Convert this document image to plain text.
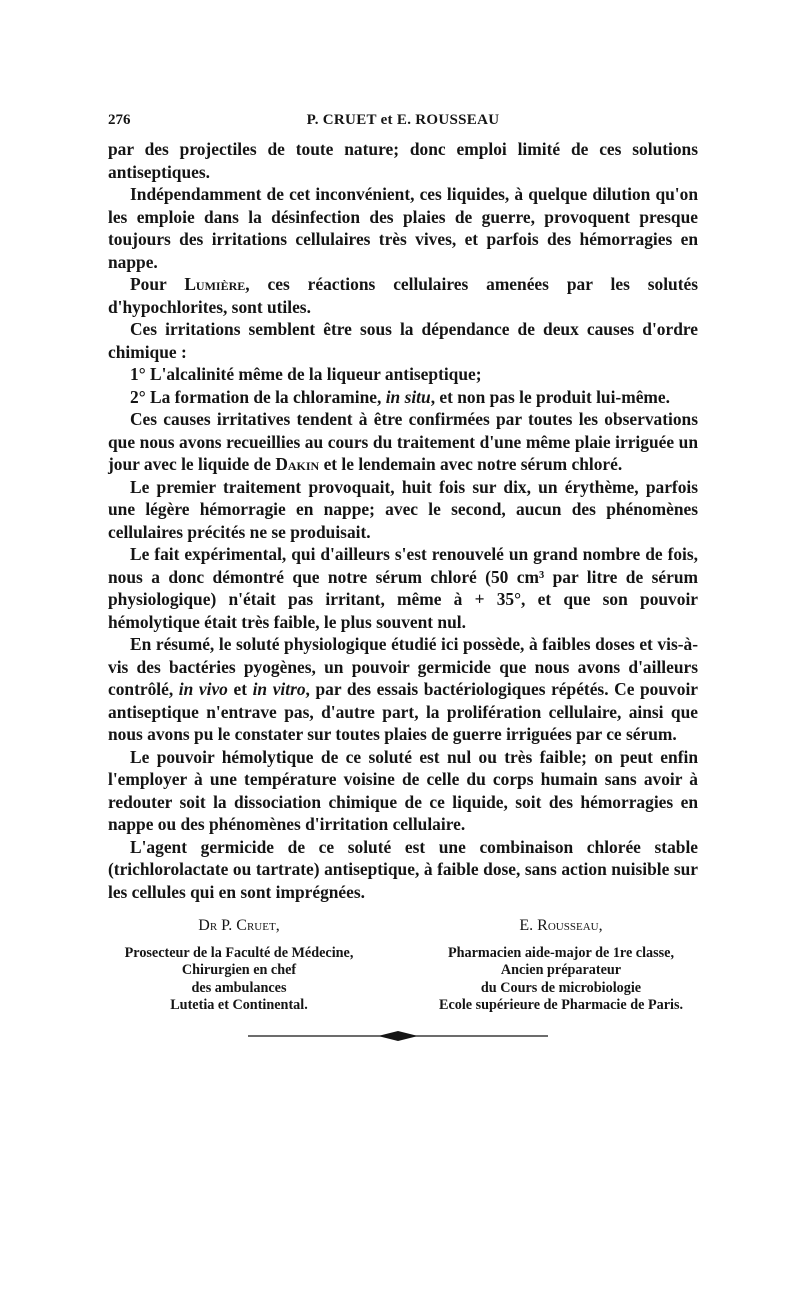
276	P. CRUET et E. ROUSSEAU

par des projectiles de toute nature; donc emploi limité de ces solutions antiseptiques.

Indépendamment de cet inconvénient, ces liquides, à quelque dilution qu'on les emploie dans la désinfection des plaies de guerre, provoquent presque toujours des irritations cellulaires très vives, et parfois des hémorragies en nappe.

Pour Lumière, ces réactions cellulaires amenées par les solutés d'hypochlorites, sont utiles.

Ces irritations semblent être sous la dépendance de deux causes d'ordre chimique :

1° L'alcalinité même de la liqueur antiseptique;

2° La formation de la chloramine, in situ, et non pas le produit lui-même.

Ces causes irritatives tendent à être confirmées par toutes les observations que nous avons recueillies au cours du traitement d'une même plaie irriguée un jour avec le liquide de Dakin et le lendemain avec notre sérum chloré.

Le premier traitement provoquait, huit fois sur dix, un érythème, parfois une légère hémorragie en nappe; avec le second, aucun des phénomènes cellulaires précités ne se produisait.

Le fait expérimental, qui d'ailleurs s'est renouvelé un grand nombre de fois, nous a donc démontré que notre sérum chloré (50 cm³ par litre de sérum physiologique) n'était pas irritant, même à + 35°, et que son pouvoir hémolytique était très faible, le plus souvent nul.

En résumé, le soluté physiologique étudié ici possède, à faibles doses et vis-à-vis des bactéries pyogènes, un pouvoir germicide que nous avons d'ailleurs contrôlé, in vivo et in vitro, par des essais bactériologiques répétés. Ce pouvoir antiseptique n'entrave pas, d'autre part, la prolifération cellulaire, ainsi que nous avons pu le constater sur toutes plaies de guerre irriguées par ce sérum.

Le pouvoir hémolytique de ce soluté est nul ou très faible; on peut enfin l'employer à une température voisine de celle du corps humain sans avoir à redouter soit la dissociation chimique de ce liquide, soit des hémorragies en nappe ou des phénomènes d'irritation cellulaire.

L'agent germicide de ce soluté est une combinaison chlorée stable (trichlorolactate ou tartrate) antiseptique, à faible dose, sans action nuisible sur les cellules qui en sont imprégnées.

Dr P. Cruet,
Prosecteur de la Faculté de Médecine,
Chirurgien en chef
des ambulances
Lutetia et Continental.
E. Rousseau,
Pharmacien aide-major de 1re classe,
Ancien préparateur
du Cours de microbiologie
Ecole supérieure de Pharmacie de Paris.
